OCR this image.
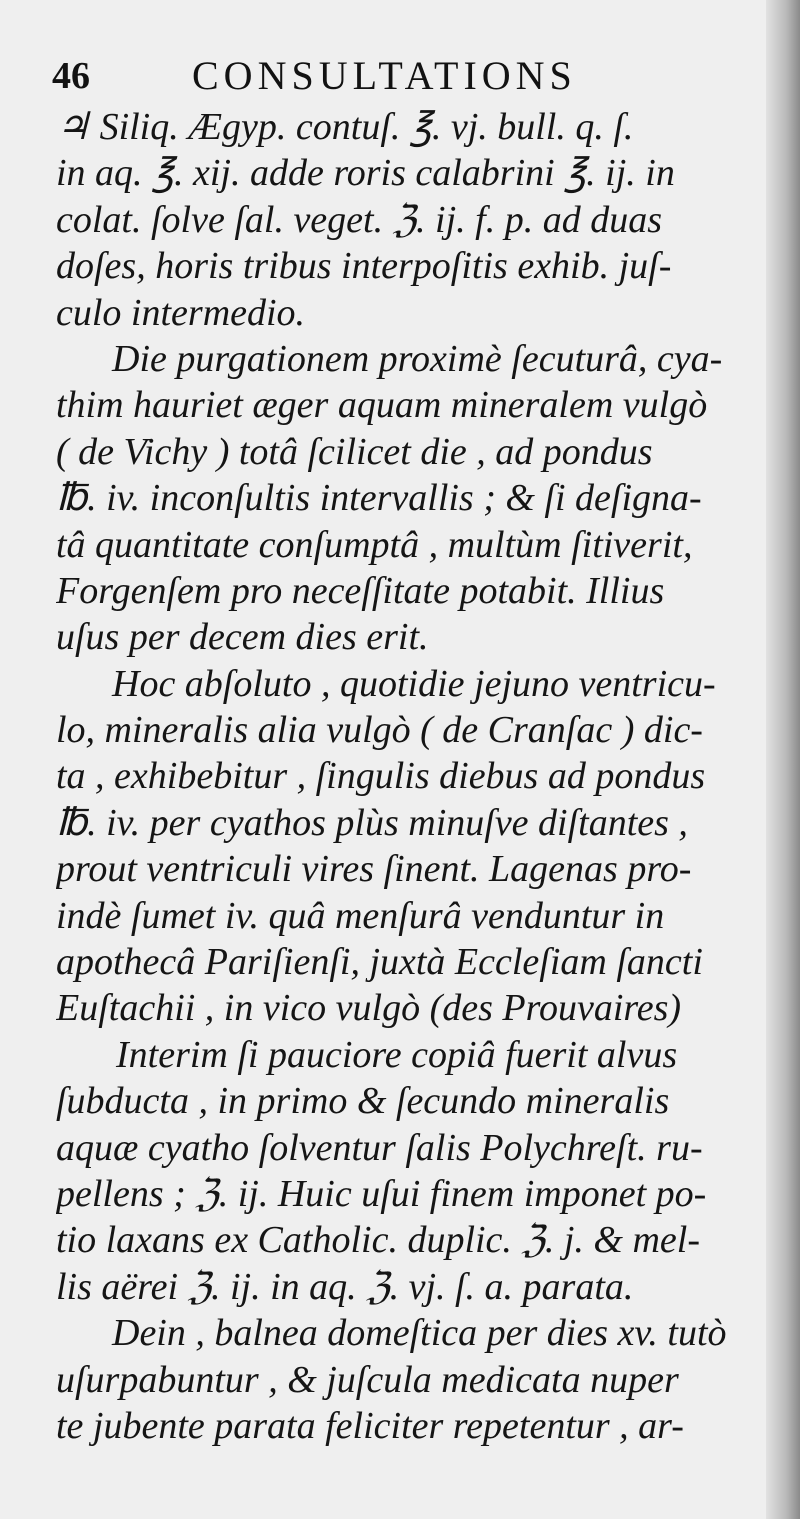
46	CONSULTATIONS
♃ Siliq. Ægyp. contuſ. ℥. vj. bull. q. ſ.
in aq. ℥. xij. adde roris calabrini ℥. ij. in
colat. ſolve ſal. veget. ℨ. ij. f. p. ad duas
doſes, horis tribus interpoſitis exhib. juſ-
culo intermedio.
Die purgationem proximè ſecuturâ, cya-
thim hauriet æger aquam mineralem vulgò
( de Vichy ) totâ ſcilicet die , ad pondus
℔. iv. inconſultis intervallis ; & ſi deſigna-
tâ quantitate conſumptâ , multùm ſitiverit,
Forgenſem pro neceſſitate potabit. Illius
uſus per decem dies erit.
Hoc abſoluto , quotidie jejuno ventricu-
lo, mineralis alia vulgò ( de Cranſac ) dic-
ta , exhibebitur , ſingulis diebus ad pondus
℔. iv. per cyathos plùs minuſve diſtantes ,
prout ventriculi vires ſinent. Lagenas pro-
indè ſumet iv. quâ menſurâ venduntur in
apothecâ Pariſienſi, juxtà Eccleſiam ſancti
Euſtachii , in vico vulgò (des Prouvaires)
Interim ſi pauciore copiâ fuerit alvus
ſubducta , in primo & ſecundo mineralis
aquæ cyatho ſolventur ſalis Polychreſt. ru-
pellens ; ℨ. ij. Huic uſui finem imponet po-
tio laxans ex Catholic. duplic. ℨ. j. & mel-
lis aërei ℨ. ij. in aq. ℨ. vj. ſ. a. parata.
Dein , balnea domeſtica per dies xv. tutò
uſurpabuntur , & juſcula medicata nuper
te jubente parata feliciter repetentur , ar-
